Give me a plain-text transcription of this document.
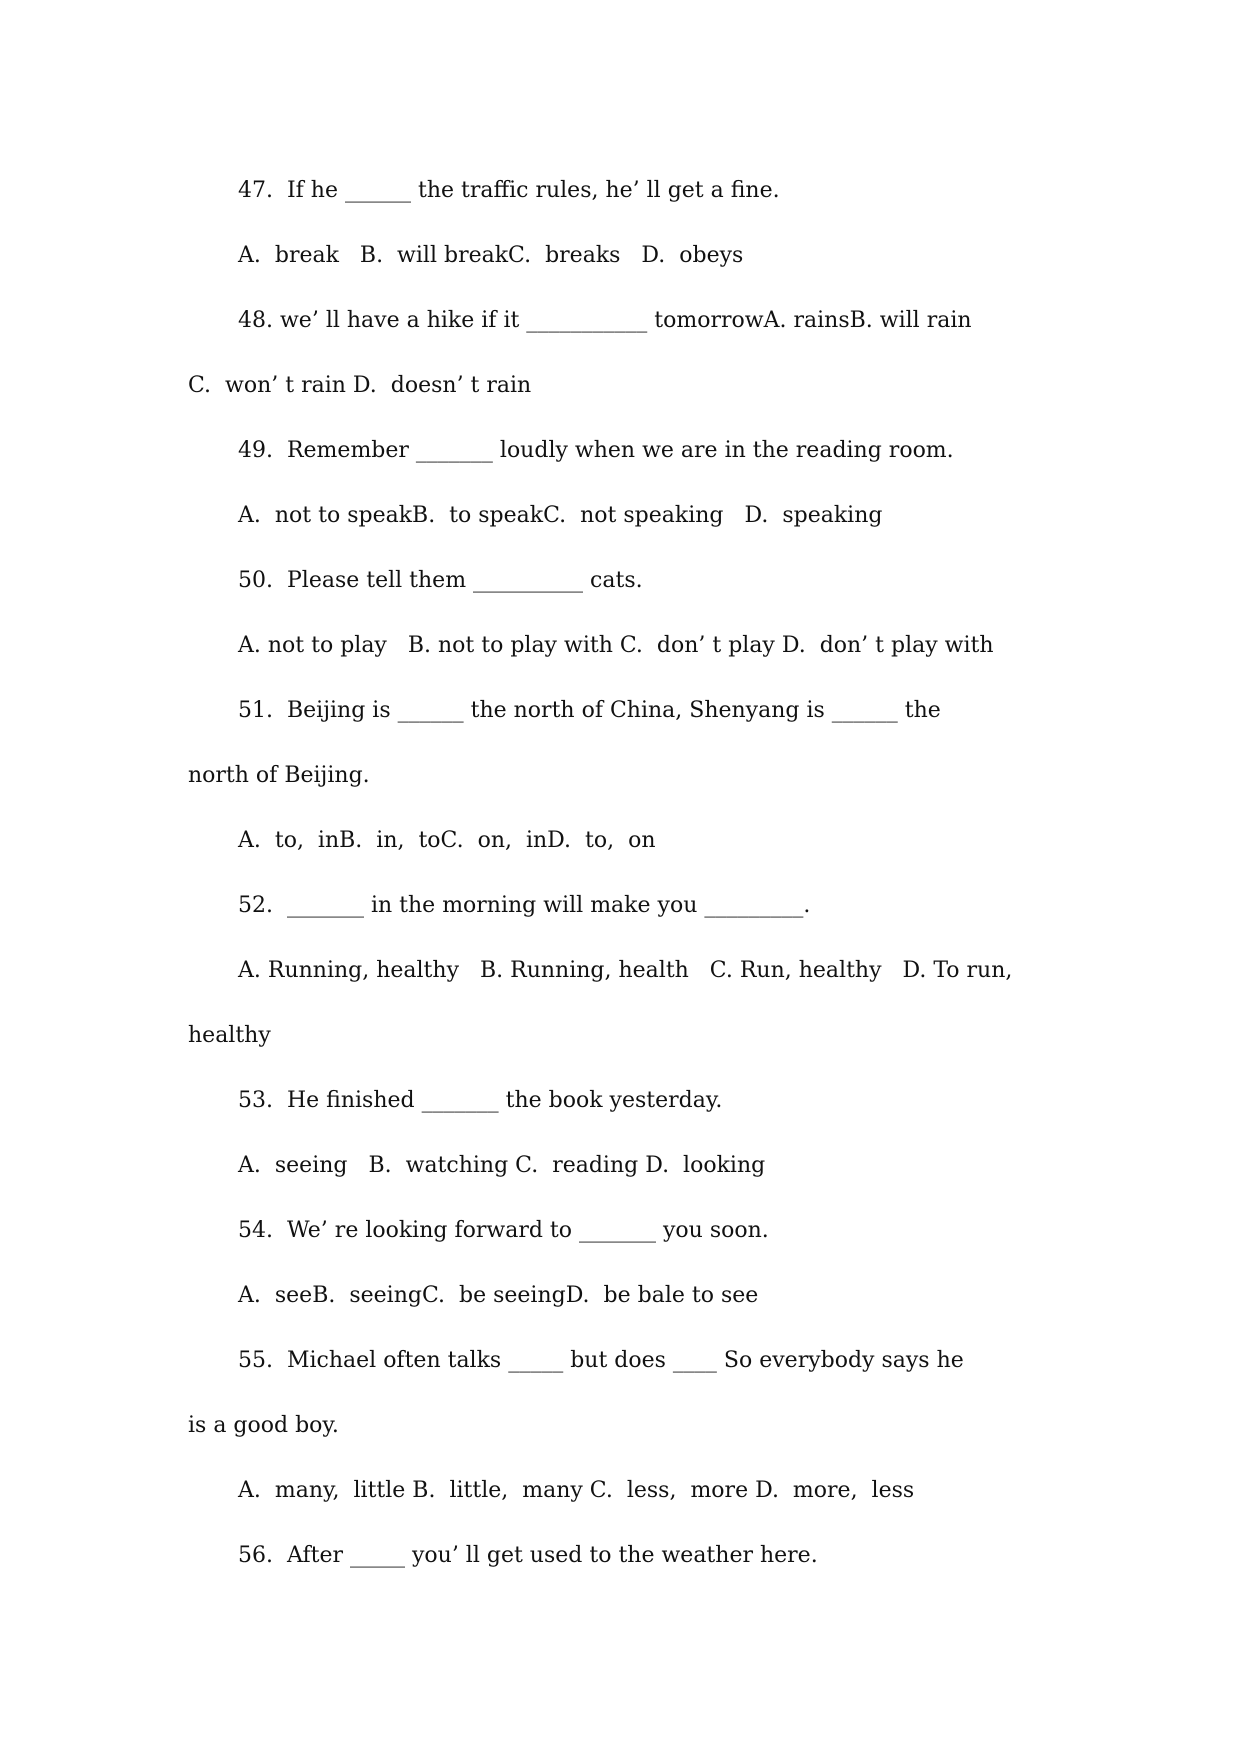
47.  If he ______ the traffic rules, he’ ll get a fine.
A.  break   B.  will breakC.  breaks   D.  obeys
48. we’ ll have a hike if it ___________ tomorrowA. rainsB. will rain
C.  won’ t rain D.  doesn’ t rain
49.  Remember _______ loudly when we are in the reading room.
A.  not to speakB.  to speakC.  not speaking   D.  speaking
50.  Please tell them __________ cats.
A. not to play   B. not to play with C.  don’ t play D.  don’ t play with
51.  Beijing is ______ the north of China, Shenyang is ______ the
north of Beijing.
A.  to,  inB.  in,  toC.  on,  inD.  to,  on
52.  _______ in the morning will make you _________.
A. Running, healthy   B. Running, health   C. Run, healthy   D. To run,
healthy
53.  He finished _______ the book yesterday.
A.  seeing   B.  watching C.  reading D.  looking
54.  We’ re looking forward to _______ you soon.
A.  seeB.  seeingC.  be seeingD.  be bale to see
55.  Michael often talks _____ but does ____ So everybody says he
is a good boy.
A.  many,  little B.  little,  many C.  less,  more D.  more,  less
56.  After _____ you’ ll get used to the weather here.
